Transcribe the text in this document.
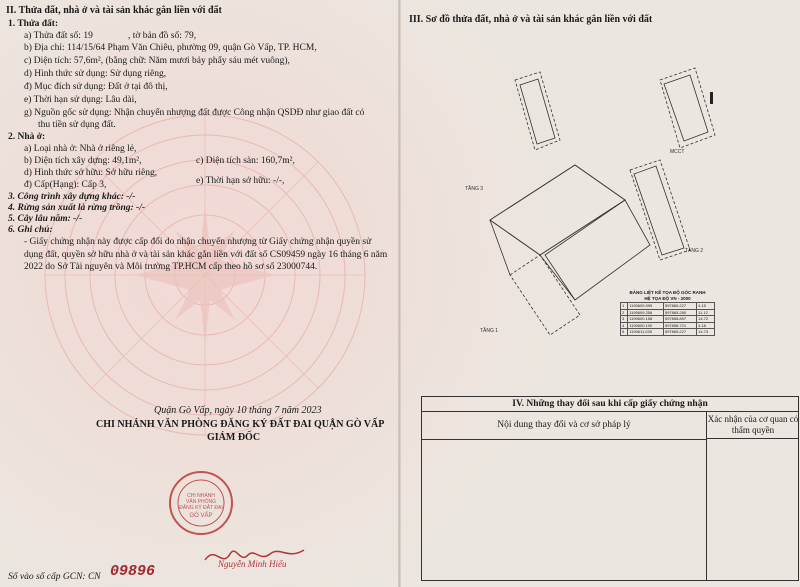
II. Thửa đất, nhà ở và tài sản khác gắn liền với đất
1. Thửa đất:
a) Thửa đất số: 19	, tờ bản đồ số: 79,
b) Địa chỉ: 114/15/64 Phạm Văn Chiêu, phường 09, quận Gò Vấp, TP. HCM,
c) Diện tích: 57,6m², (bằng chữ: Năm mươi bảy phẩy sáu mét vuông),
d) Hình thức sử dụng: Sử dụng riêng,
đ) Mục đích sử dụng: Đất ở tại đô thị,
e) Thời hạn sử dụng: Lâu dài,
g) Nguồn gốc sử dụng: Nhận chuyển nhượng đất được Công nhận QSDĐ như giao đất có
thu tiền sử dụng đất.
2. Nhà ở:
a) Loại nhà ở: Nhà ở riêng lẻ,
b) Diện tích xây dựng: 49,1m²,	c) Diện tích sàn: 160,7m²,
d) Hình thức sở hữu: Sở hữu riêng,
đ) Cấp(Hạng): Cấp 3,	e) Thời hạn sở hữu: -/-,
3. Công trình xây dựng khác: -/-
4. Rừng sản xuất là rừng trồng: -/-
5. Cây lâu năm: -/-
6. Ghi chú:
- Giấy chứng nhận này được cấp đổi do nhận chuyển nhượng từ Giấy chứng nhận quyền sử dụng đất, quyền sở hữu nhà ở và tài sản khác gắn liền với đất số CS09459 ngày 16 tháng 6 năm 2022 do Sở Tài nguyên và Môi trường TP.HCM cấp theo hồ sơ số 23000744.
Quận Gò Vấp, ngày 10 tháng 7 năm 2023
CHI NHÁNH VĂN PHÒNG ĐĂNG KÝ ĐẤT ĐAI QUẬN GÒ VẤP
GIÁM ĐỐC
CHI NHÁNH
VĂN PHÒNG
ĐĂNG KÝ ĐẤT ĐAI
GÒ VẤP
Nguyễn Minh Hiếu
Số vào sổ cấp GCN: CN 09896
III. Sơ đồ thửa đất, nhà ở và tài sản khác gắn liền với đất
TẦNG 3
TẦNG 2
TẦNG 1
MCCT
BẢNG LIỆT KÊ TỌA ĐỘ GÓC RANH
HỆ TỌA ĐỘ VN - 2000
1	1190609.095	597865.227	4.15
2	1190609.256	597865.280	11.12
3	1190600.158	597858.897	14.72
4	1190600.100	597858.721	4.18
5	1190611.039	597865.227	14.73
IV. Những thay đổi sau khi cấp giấy chứng nhận
Nội dung thay đổi và cơ sở pháp lý
Xác nhận của cơ quan có thẩm quyền
